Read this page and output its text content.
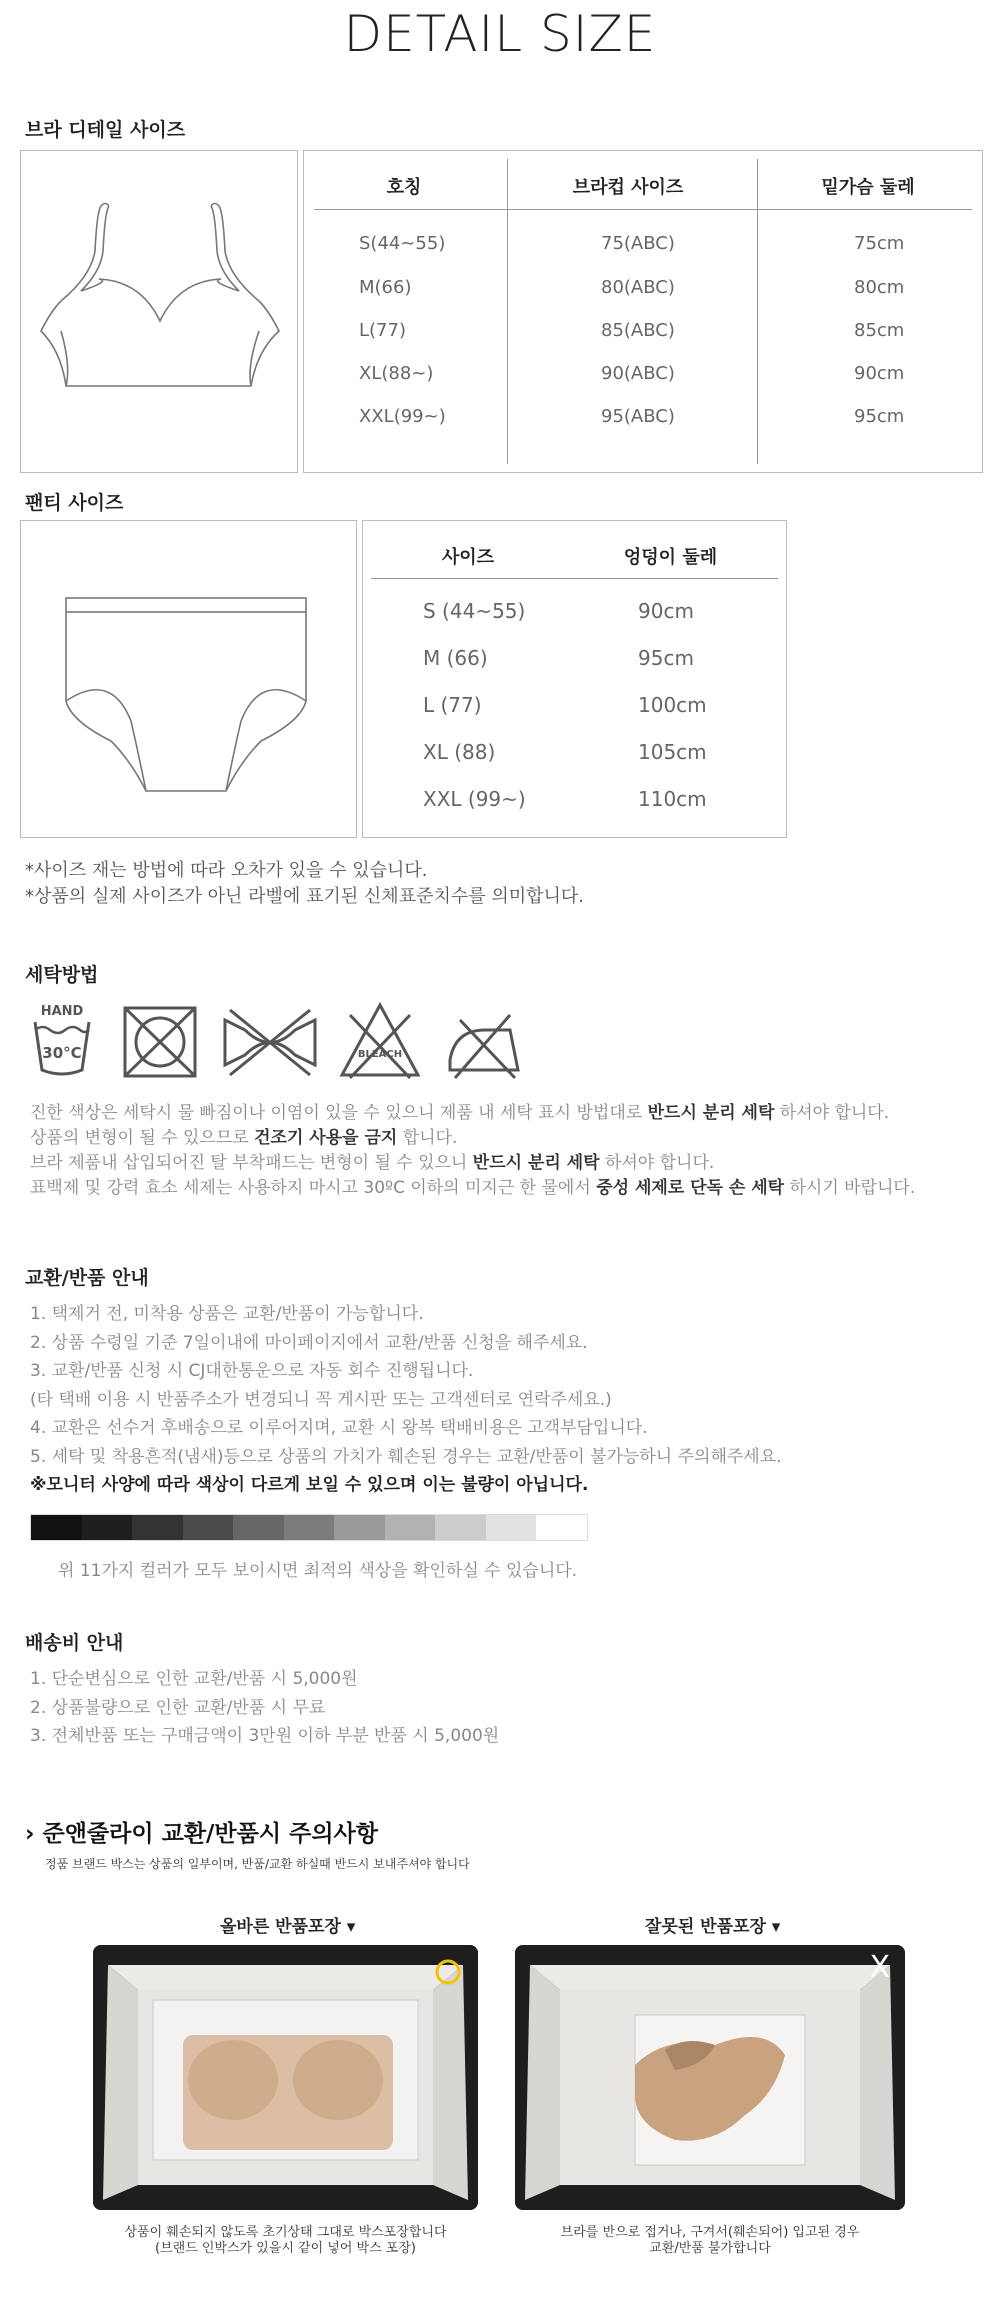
DETAIL SIZE
브라 디테일 사이즈
호칭	브라컵 사이즈	밑가슴 둘레
S(44~55)	75(ABC)	75cm
M(66)	80(ABC)	80cm
L(77)	85(ABC)	85cm
XL(88~)	90(ABC)	90cm
XXL(99~)	95(ABC)	95cm
팬티 사이즈
사이즈	엉덩이 둘레
S (44~55)	90cm
M (66)	95cm
L (77)	100cm
XL (88)	105cm
XXL (99~)	110cm
*사이즈 재는 방법에 따라 오차가 있을 수 있습니다.
*상품의 실제 사이즈가 아닌 라벨에 표기된 신체표준치수를 의미합니다.
세탁방법
HAND
30°C	BLEACH
진한 색상은 세탁시 물 빠짐이나 이염이 있을 수 있으니 제품 내 세탁 표시 방법대로 반드시 분리 세탁 하셔야 합니다.
상품의 변형이 될 수 있으므로 건조기 사용을 금지 합니다.
브라 제품내 삽입되어진 탈 부착패드는 변형이 될 수 있으니 반드시 분리 세탁 하셔야 합니다.
표백제 및 강력 효소 세제는 사용하지 마시고 30ºC 이하의 미지근 한 물에서 중성 세제로 단독 손 세탁 하시기 바랍니다.
교환/반품 안내
1. 택제거 전, 미착용 상품은 교환/반품이 가능합니다.
2. 상품 수령일 기준 7일이내에 마이페이지에서 교환/반품 신청을 해주세요.
3. 교환/반품 신청 시 CJ대한통운으로 자동 회수 진행됩니다.
(타 택배 이용 시 반품주소가 변경되니 꼭 게시판 또는 고객센터로 연락주세요.)
4. 교환은 선수거 후배송으로 이루어지며, 교환 시 왕복 택배비용은 고객부담입니다.
5. 세탁 및 착용흔적(냄새)등으로 상품의 가치가 훼손된 경우는 교환/반품이 불가능하니 주의해주세요.
※모니터 사양에 따라 색상이 다르게 보일 수 있으며 이는 불량이 아닙니다.
위 11가지 컬러가 모두 보이시면 최적의 색상을 확인하실 수 있습니다.
배송비 안내
1. 단순변심으로 인한 교환/반품 시 5,000원
2. 상품불량으로 인한 교환/반품 시 무료
3. 전체반품 또는 구매금액이 3만원 이하 부분 반품 시 5,000원
› 준앤줄라이 교환/반품시 주의사항
정품 브랜드 박스는 상품의 일부이며, 반품/교환 하실때 반드시 보내주셔야 합니다
올바른 반품포장 ▾	잘못된 반품포장 ▾
X
상품이 훼손되지 않도록 초기상태 그대로 박스포장합니다
(브랜드 인박스가 있을시 같이 넣어 박스 포장)
브라를 반으로 접거나, 구겨서(훼손되어) 입고된 경우
교환/반품 불가합니다
